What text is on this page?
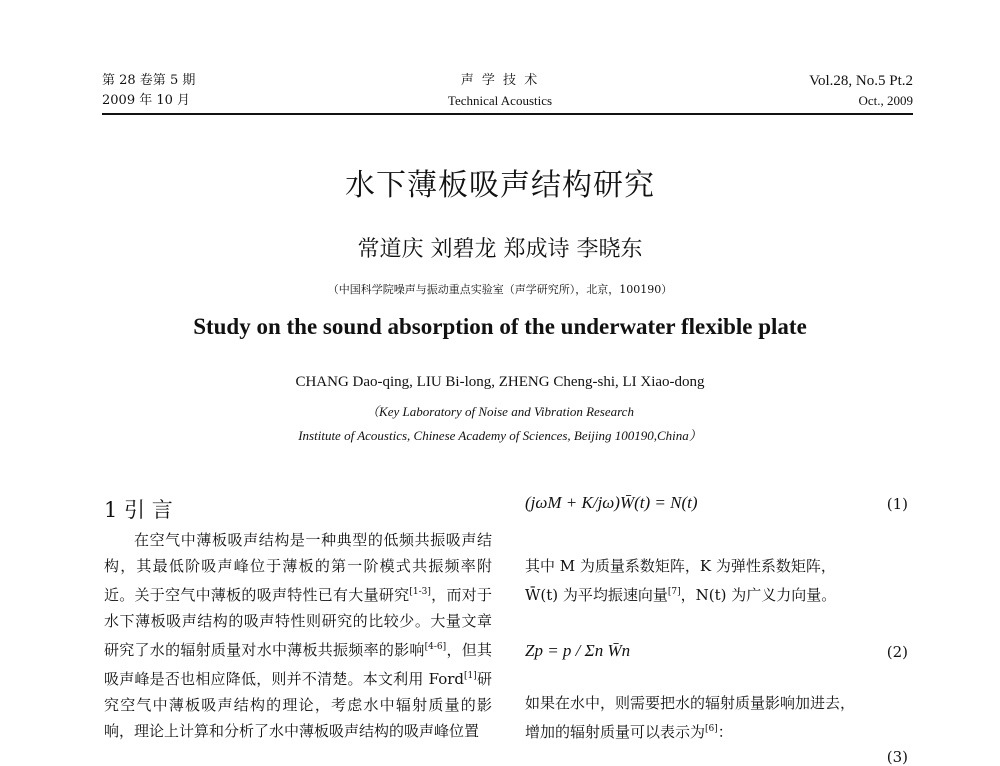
第 28 卷第 5 期
2009 年 10 月
声 学 技 术
Technical Acoustics
Vol.28, No.5 Pt.2
Oct., 2009
水下薄板吸声结构研究
常道庆 刘碧龙 郑成诗 李晓东
（中国科学院噪声与振动重点实验室（声学研究所），北京，100190）
Study on the sound absorption of the underwater flexible plate
CHANG Dao-qing, LIU Bi-long, ZHENG Cheng-shi, LI Xiao-dong
（Key Laboratory of Noise and Vibration Research
Institute of Acoustics, Chinese Academy of Sciences, Beijing 100190,China）
1 引 言

在空气中薄板吸声结构是一种典型的低频共振吸声结构，其最低阶吸声峰位于薄板的第一阶模式共振频率附近。关于空气中薄板的吸声特性已有大量研究[1-3]，而对于水下薄板吸声结构的吸声特性则研究的比较少。大量文章研究了水的辐射质量对水中薄板共振频率的影响[4-6]，但其吸声峰是否也相应降低，则并不清楚。本文利用 Ford[1]研究空气中薄板吸声结构的理论，考虑水中辐射质量的影响，理论上计算和分析了水中薄板吸声结构的吸声峰位置

(jωM + K/jω)W̄(t) = N(t)	(1)
其中 M 为质量系数矩阵，K 为弹性系数矩阵，
W̄(t) 为平均振速向量[7]，N(t) 为广义力向量。
Zp = p / Σn W̄n	(2)
如果在水中，则需要把水的辐射质量影响加进去，
增加的辐射质量可以表示为[6]：
(3)
